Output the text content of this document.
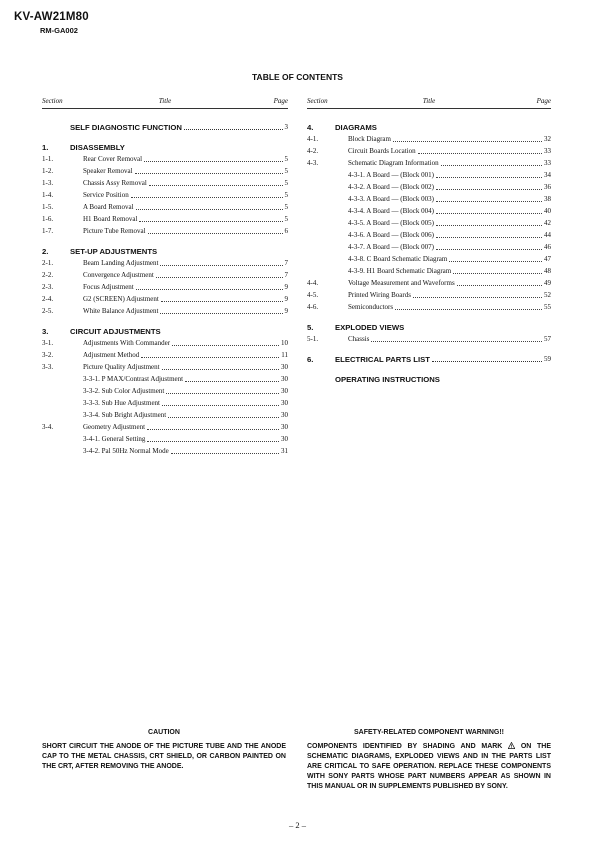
KV-AW21M80
RM-GA002
TABLE OF CONTENTS
Section	Title	Page
SELF DIAGNOSTIC FUNCTION	3
1.	DISASSEMBLY
1-1.	Rear Cover Removal	5
1-2.	Speaker Removal	5
1-3.	Chassis Assy Removal	5
1-4.	Service Position	5
1-5.	A Board Removal	5
1-6.	H1 Board Removal	5
1-7.	Picture Tube Removal	6
2.	SET-UP ADJUSTMENTS
2-1.	Beam Landing Adjustment	7
2-2.	Convergence Adjustment	7
2-3.	Focus Adjustment	9
2-4.	G2 (SCREEN) Adjustment	9
2-5.	White Balance Adjustment	9
3.	CIRCUIT ADJUSTMENTS
3-1.	Adjustments With Commander	10
3-2.	Adjustment Method	11
3-3.	Picture Quality Adjustment	30
3-3-1. P MAX/Contrast Adjustment	30
3-3-2. Sub Color Adjustment	30
3-3-3. Sub Hue Adjustment	30
3-3-4. Sub Bright Adjustment	30
3-4.	Geometry Adjustment	30
3-4-1. General Setting	30
3-4-2. Pal 50Hz Normal Mode	31
Section	Title	Page
4.	DIAGRAMS
4-1.	Block Diagram	32
4-2.	Circuit Boards Location	33
4-3.	Schematic Diagram Information	33
4-3-1. A Board — (Block 001)	34
4-3-2. A Board — (Block 002)	36
4-3-3. A Board — (Block 003)	38
4-3-4. A Board — (Block 004)	40
4-3-5. A Board — (Block 005)	42
4-3-6. A Board — (Block 006)	44
4-3-7. A Board — (Block 007)	46
4-3-8. C Board Schematic Diagram	47
4-3-9. H1 Board Schematic Diagram	48
4-4.	Voltage Measurement and Waveforms	49
4-5.	Printed Wiring Boards	52
4-6.	Semiconductors	55
5.	EXPLODED VIEWS
5-1.	Chassis	57
6.	ELECTRICAL PARTS LIST	59
OPERATING INSTRUCTIONS
CAUTION
SHORT CIRCUIT THE ANODE OF THE PICTURE TUBE AND THE ANODE CAP TO THE METAL CHASSIS, CRT SHIELD, OR CARBON PAINTED ON THE CRT, AFTER REMOVING THE ANODE.
SAFETY-RELATED COMPONENT WARNING!!
COMPONENTS IDENTIFIED BY SHADING AND MARK	ON THE SCHEMATIC DIAGRAMS, EXPLODED VIEWS AND IN THE PARTS LIST ARE CRITICAL TO SAFE OPERATION. REPLACE THESE COMPONENTS WITH SONY PARTS WHOSE PART NUMBERS APPEAR AS SHOWN IN THIS MANUAL OR IN SUPPLEMENTS PUBLISHED BY SONY.
– 2 –
